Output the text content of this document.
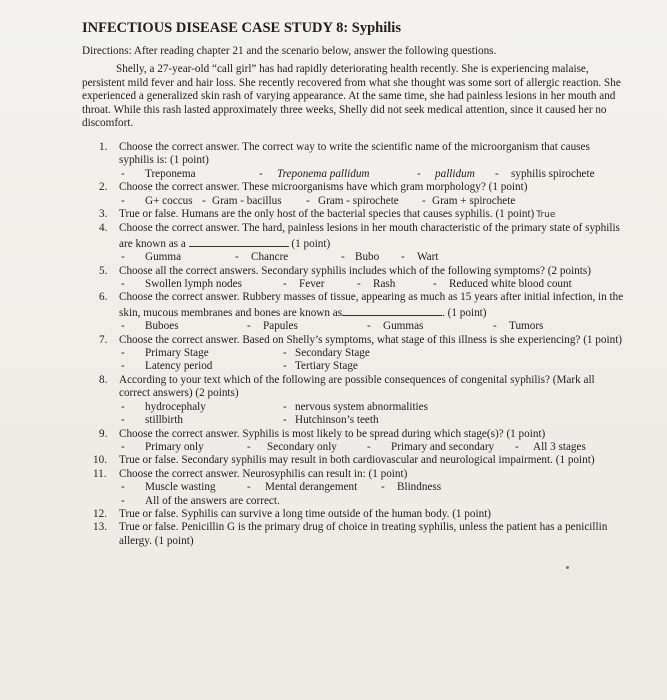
INFECTIOUS DISEASE CASE STUDY 8: Syphilis
Directions: After reading chapter 21 and the scenario below, answer the following questions.
Shelly, a 27-year-old “call girl” has had rapidly deteriorating health recently. She is experiencing malaise, persistent mild fever and hair loss. She recently recovered from what she thought was some sort of allergic reaction. She experienced a generalized skin rash of varying appearance. At the same time, she had painless lesions in her mouth and throat. While this rash lasted approximately three weeks, Shelly did not seek medical attention, since it caused her no discomfort.
1. Choose the correct answer. The correct way to write the scientific name of the microorganism that causes syphilis is: (1 point)
-	Treponema	-	Treponema pallidum	-	pallidum	-	syphilis spirochete
2. Choose the correct answer. These microorganisms have which gram morphology? (1 point)
-	G+ coccus - Gram - bacillus	- Gram - spirochete	- Gram + spirochete
3. True or false. Humans are the only host of the bacterial species that causes syphilis. (1 point) True
4. Choose the correct answer. The hard, painless lesions in her mouth characteristic of the primary state of syphilis are known as a	(1 point)
-	Gumma	-	Chancre	- Bubo	-	Wart
5. Choose all the correct answers. Secondary syphilis includes which of the following symptoms? (2 points)
-	Swollen lymph nodes	-	Fever	-	Rash	-	Reduced white blood count
6. Choose the correct answer. Rubbery masses of tissue, appearing as much as 15 years after initial infection, in the skin, mucous membranes and bones are known as	. (1 point)
-	Buboes	-	Papules	-	Gummas	-	Tumors
7. Choose the correct answer. Based on Shelly’s symptoms, what stage of this illness is she experiencing? (1 point)
-	Primary Stage	- Secondary Stage
-	Latency period	- Tertiary Stage
8. According to your text which of the following are possible consequences of congenital syphilis? (Mark all correct answers) (2 points)
-	hydrocephaly	- nervous system abnormalities
-	stillbirth	- Hutchinson’s teeth
9. Choose the correct answer. Syphilis is most likely to be spread during which stage(s)? (1 point)
-	Primary only	-	Secondary only	-	Primary and secondary	-	All 3 stages
10. True or false. Secondary syphilis may result in both cardiovascular and neurological impairment. (1 point)
11. Choose the correct answer. Neurosyphilis can result in: (1 point)
-	Muscle wasting	-	Mental derangement	-	Blindness
-	All of the answers are correct.
12. True or false. Syphilis can survive a long time outside of the human body. (1 point)
13. True or false. Penicillin G is the primary drug of choice in treating syphilis, unless the patient has a penicillin allergy. (1 point)
